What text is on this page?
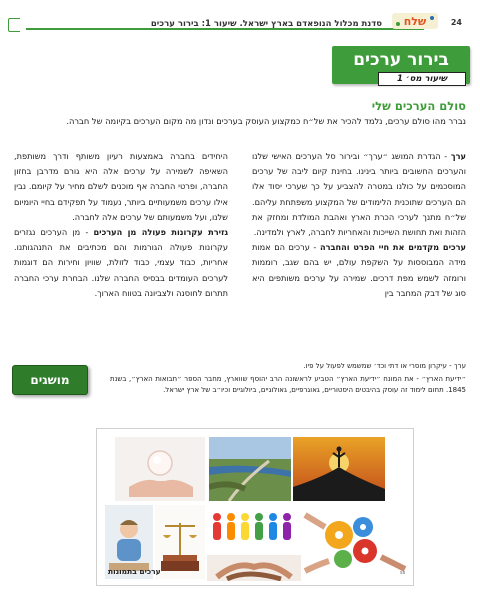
סדנת מכלול הנופאדם בארץ ישראל. שיעור 1: בירור ערכים שלח	24
בירור ערכים
שיעור מס׳ 1
סולם הערכים שלי

נברר מהו סולם ערכים, נלמד להכיר את של״ח כמקצוע העוסק בערכים ונדון מה מקום הערכים בקיומה של חברה.

ערך - הגדרת המושג ״ערך״ ובירור סל הערכים האישי שלנו והערכים החשובים ביותר בינינו. בחינת קיום ליבה של ערכים המוסכמים על כולנו במטרה להצביע על כך שערכי יסוד אלו הם הערכים שתוכנית הלימודים של המקצוע משפתחת עליהם. של״ח מתנך לערכי הכרת הארץ ואהבת המולדת ומחזק את הזהות ואת תחושת השייכות והאחריות לחברה, לארץ ולמדינה.

ערכים מקדמים את חיי הפרט והחברה - ערכים הם אמות מידה המבוססות על השקפת עולם, יש בהם שגב, רוממות ורומזה לשמש מפת דרכים. שמירה על ערכים משותפים היא סוג של דבק המחבר בין

היחידים בחברה באמצעות רעיון משותף ודרך משותפת, השאיפה לשמירה על ערכים אלה היא גורם מדרבן בחזון החברה, ופרטי החברה אף מוכנים לשלם מחיר על קיומם. נבין אילו ערכים משמעותיים ביותר, נעמוד על תפקידם בחיי היומיום שלנו, ועל משמעותם של ערכים אלה לחברה.

גזירת עקרונות פעולה מן הערכים - מן הערכים נגזרים עקרונות פעולה הגורמות והם מכתיבים את התנהגותנו. אחריות, כבוד עצמי, כבוד לזולת, שוויון וחירות הם דוגמות לערכים העומדים בבסיס החברה שלנו. הבחרת ערכי החברה תתרום לחוסנה ולצביונה בטווח הארוך.

ערך - עיקרון מוסרי או דתי וכד׳ שמשמש לפעול על פיו.

״ידיעת הארץ״ - את המונח ״ידיעת הארץ״ הטביע לראשונה הרב יהוסף שווארץ, מחבר הספר ״תבואות הארץ״, בשנת 1845. תחום לימוד זה עוסק בהיבטים היסטוריים, גאוגרפיים, גאולוגיים, ביולוגיים וכיו״ב של ארץ ישראל.

מושגים
ערכים בתמונות	ss
